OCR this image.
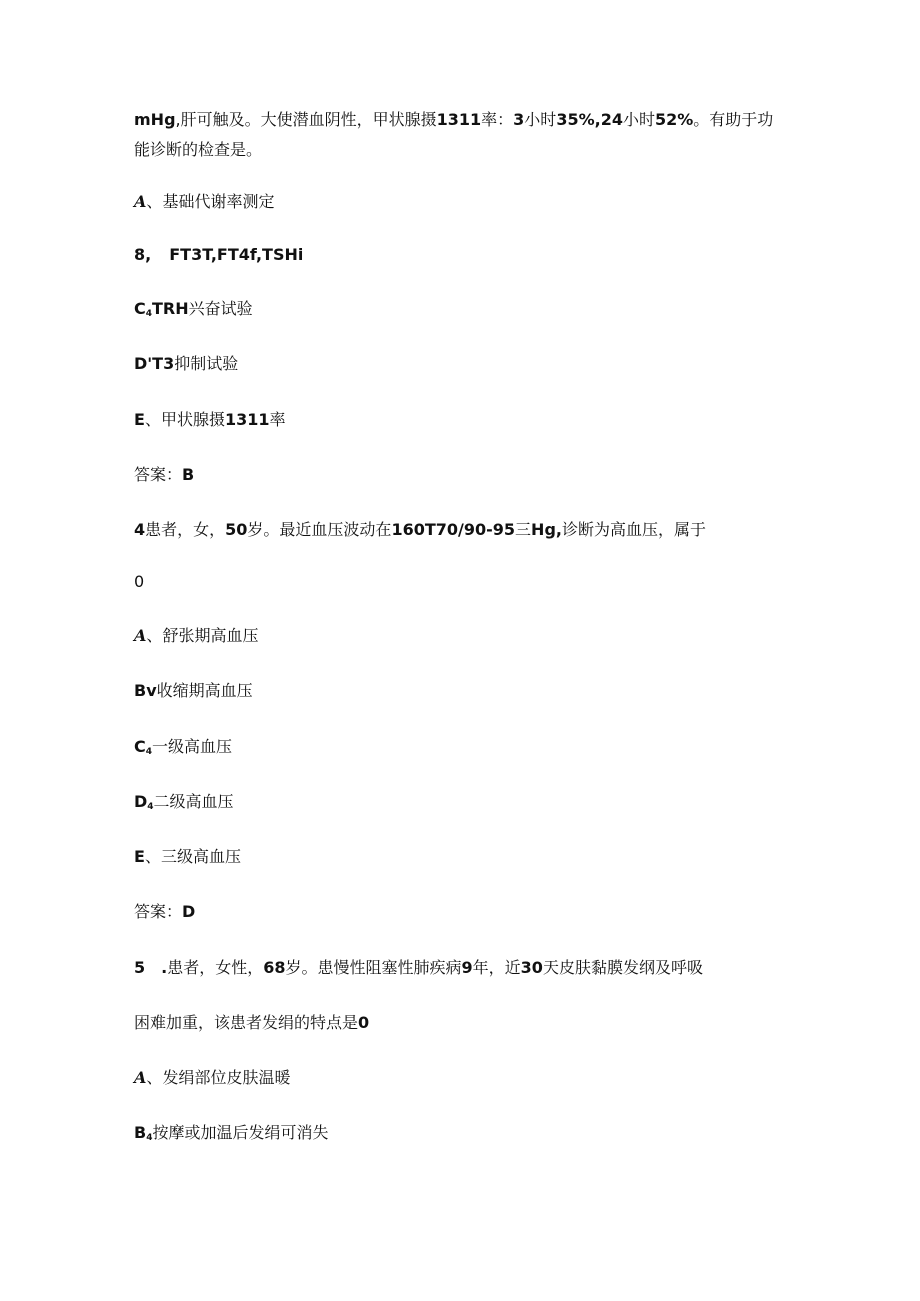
mHg,肝可触及。大使潜血阴性，甲状腺摄1311率：3小时35%,24小时52%。有助于功
能诊断的检查是。
A、基础代谢率测定
8, FT3T,FT4f,TSHi
$C_4TRH$兴奋试验
D'T3抑制试验
E、甲状腺摄1311率
答案：B
4患者，女，50岁。最近血压波动在160T70/90-95三Hg,诊断为高血压，属于
0
A、舒张期高血压
Bv收缩期高血压
$C_4$一级高血压
$D_4$二级高血压
E、三级高血压
答案：D
5 .患者，女性，68岁。患慢性阻塞性肺疾病9年，近30天皮肤黏膜发纲及呼吸
困难加重，该患者发绢的特点是0
A、发绢部位皮肤温暖
$B_4$按摩或加温后发绢可消失
